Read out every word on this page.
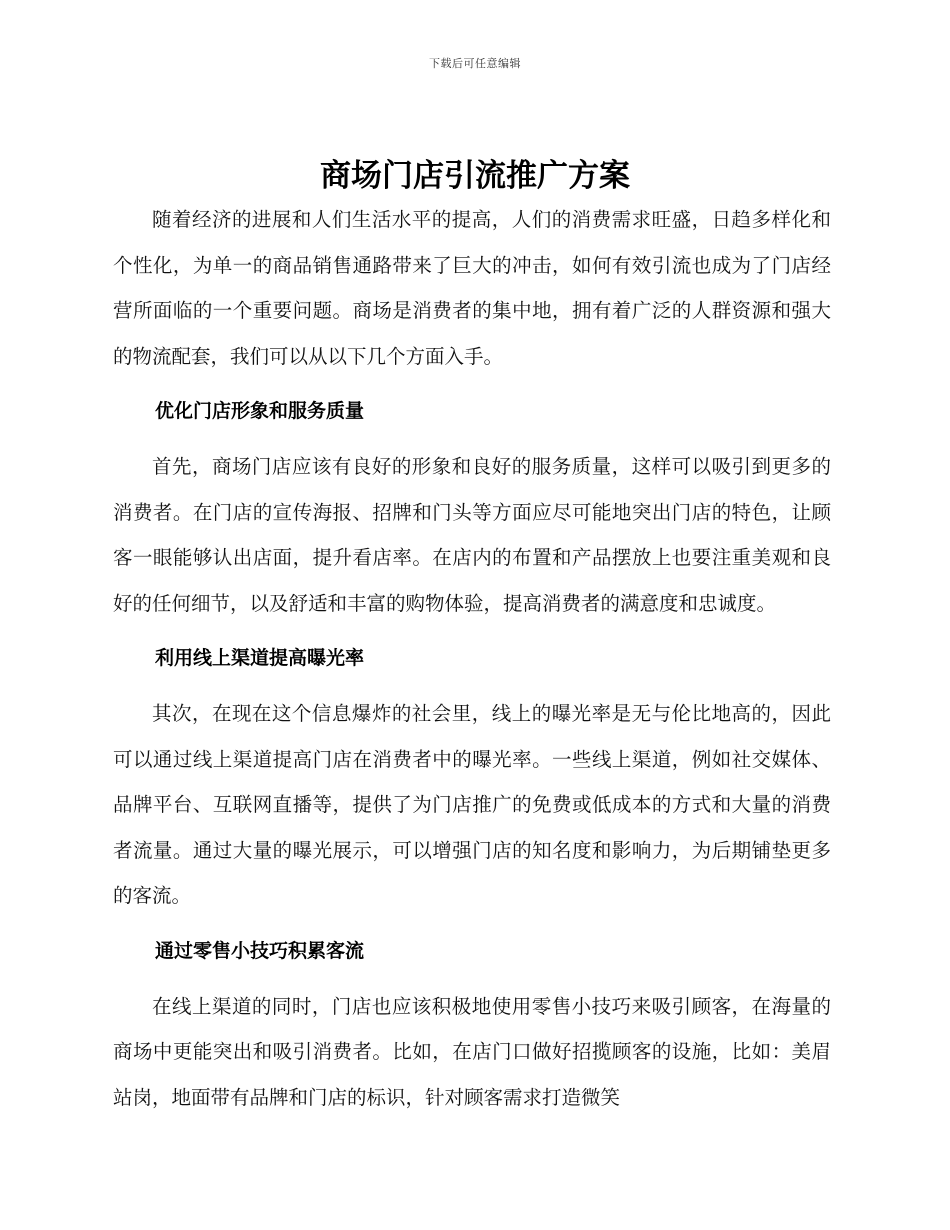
下载后可任意编辑
商场门店引流推广方案

随着经济的进展和人们生活水平的提高，人们的消费需求旺盛，日趋多样化和个性化，为单一的商品销售通路带来了巨大的冲击，如何有效引流也成为了门店经营所面临的一个重要问题。商场是消费者的集中地，拥有着广泛的人群资源和强大的物流配套，我们可以从以下几个方面入手。

优化门店形象和服务质量

首先，商场门店应该有良好的形象和良好的服务质量，这样可以吸引到更多的消费者。在门店的宣传海报、招牌和门头等方面应尽可能地突出门店的特色，让顾客一眼能够认出店面，提升看店率。在店内的布置和产品摆放上也要注重美观和良好的任何细节，以及舒适和丰富的购物体验，提高消费者的满意度和忠诚度。

利用线上渠道提高曝光率

其次，在现在这个信息爆炸的社会里，线上的曝光率是无与伦比地高的，因此可以通过线上渠道提高门店在消费者中的曝光率。一些线上渠道，例如社交媒体、品牌平台、互联网直播等，提供了为门店推广的免费或低成本的方式和大量的消费者流量。通过大量的曝光展示，可以增强门店的知名度和影响力，为后期铺垫更多的客流。

通过零售小技巧积累客流

在线上渠道的同时，门店也应该积极地使用零售小技巧来吸引顾客，在海量的商场中更能突出和吸引消费者。比如，在店门口做好招揽顾客的设施，比如：美眉站岗，地面带有品牌和门店的标识，针对顾客需求打造微笑
